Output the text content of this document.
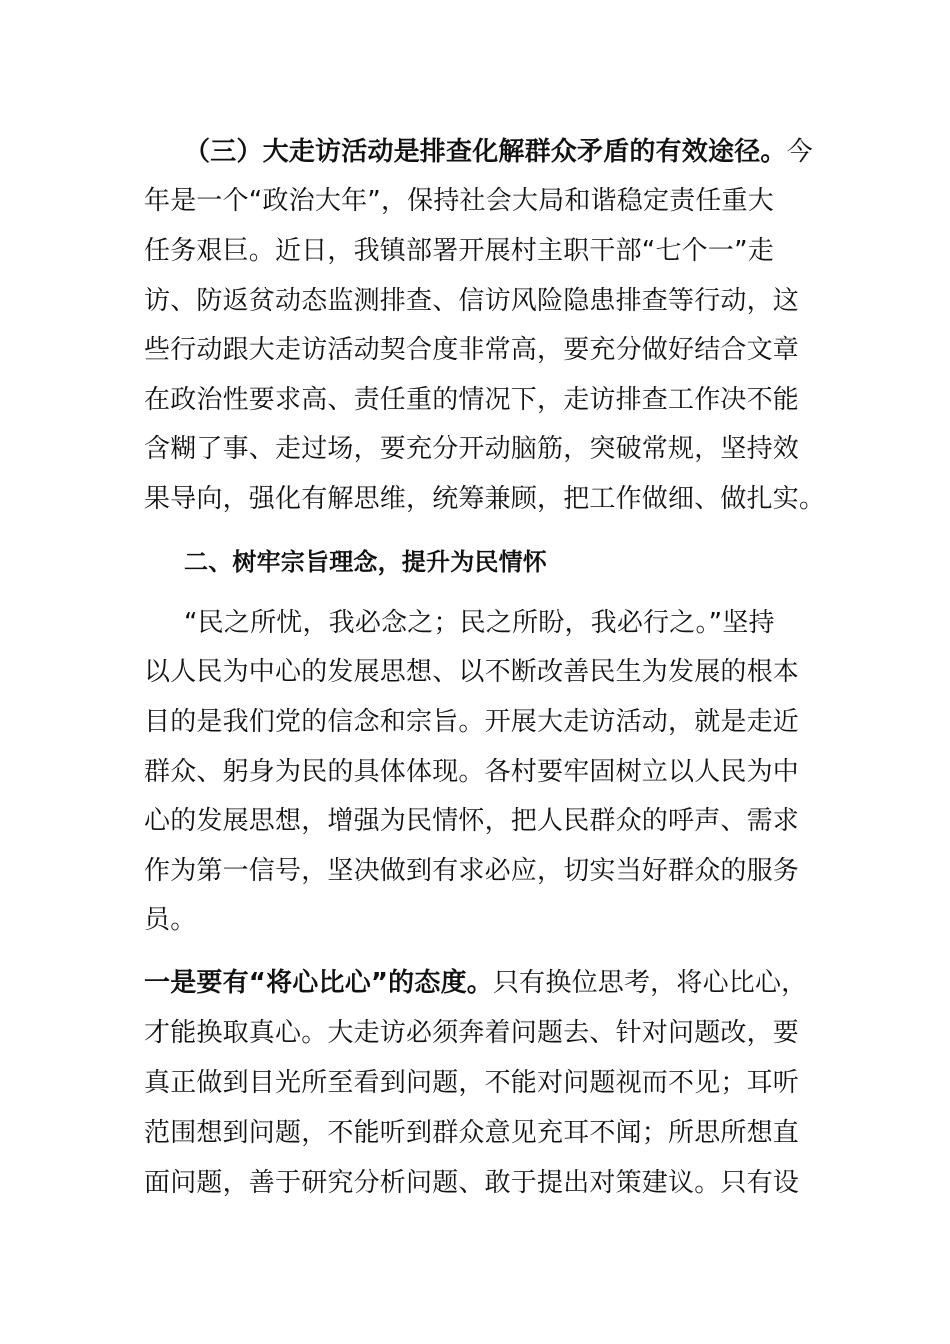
（三）大走访活动是排查化解群众矛盾的有效途径。今
年是一个“政治大年”，保持社会大局和谐稳定责任重大
任务艰巨。近日，我镇部署开展村主职干部“七个一”走
访、防返贫动态监测排查、信访风险隐患排查等行动，这
些行动跟大走访活动契合度非常高，要充分做好结合文章
在政治性要求高、责任重的情况下，走访排查工作决不能
含糊了事、走过场，要充分开动脑筋，突破常规，坚持效
果导向，强化有解思维，统筹兼顾，把工作做细、做扎实。
二、树牢宗旨理念，提升为民情怀
“民之所忧，我必念之；民之所盼，我必行之。”坚持
以人民为中心的发展思想、以不断改善民生为发展的根本
目的是我们党的信念和宗旨。开展大走访活动，就是走近
群众、躬身为民的具体体现。各村要牢固树立以人民为中
心的发展思想，增强为民情怀，把人民群众的呼声、需求
作为第一信号，坚决做到有求必应，切实当好群众的服务
员。
一是要有“将心比心”的态度。只有换位思考，将心比心，
才能换取真心。大走访必须奔着问题去、针对问题改，要
真正做到目光所至看到问题，不能对问题视而不见；耳听
范围想到问题，不能听到群众意见充耳不闻；所思所想直
面问题，善于研究分析问题、敢于提出对策建议。只有设
